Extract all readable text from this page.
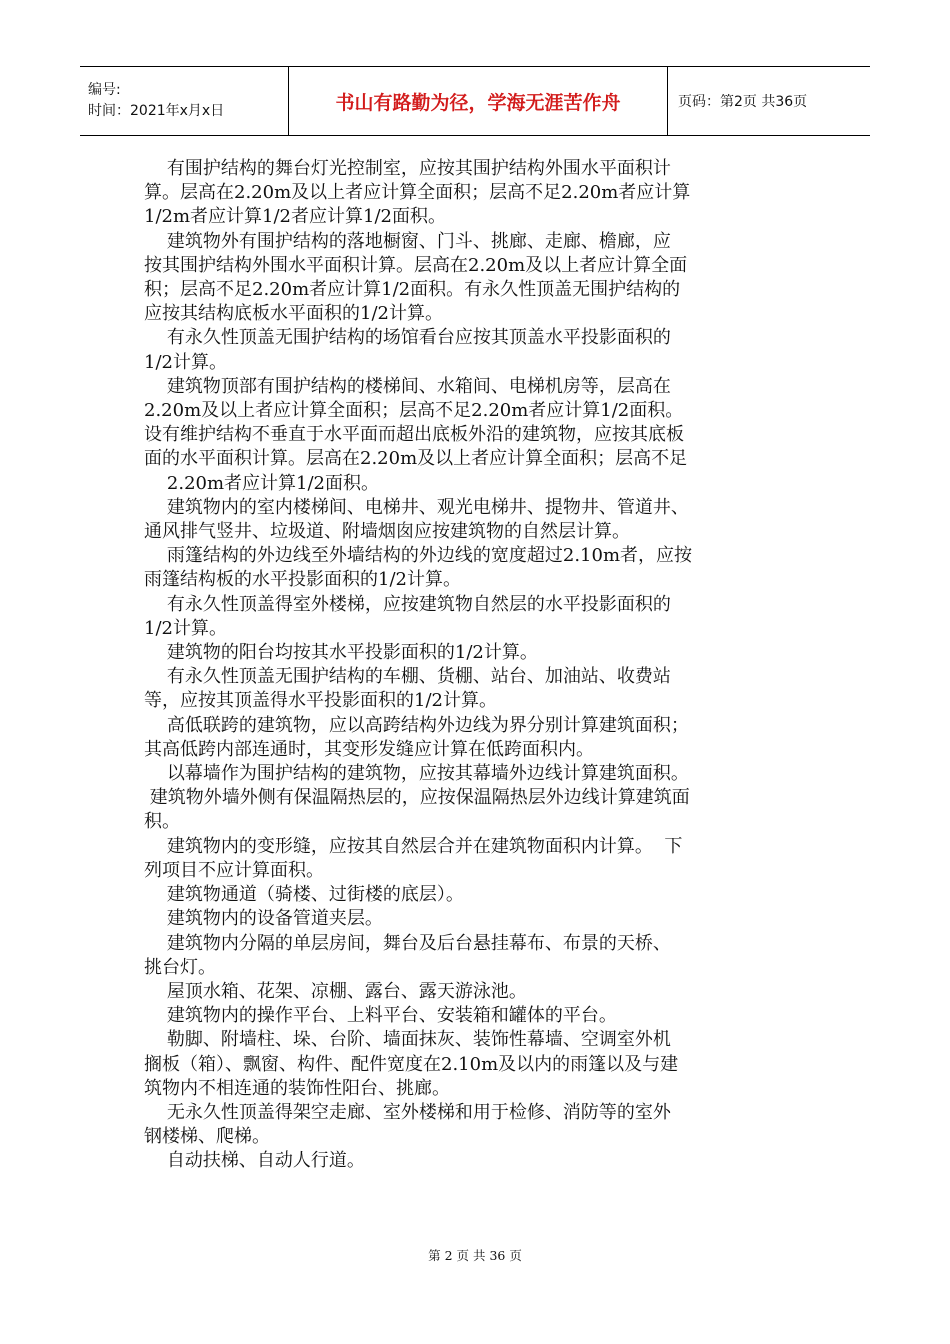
编号:
时间：2021年x月x日	书山有路勤为径，学海无涯苦作舟	页码：第2页 共36页

有围护结构的舞台灯光控制室，应按其围护结构外围水平面积计
算。层高在2.20m及以上者应计算全面积；层高不足2.20m者应计算
1/2m者应计算1/2者应计算1/2面积。

建筑物外有围护结构的落地橱窗、门斗、挑廊、走廊、檐廊，应
按其围护结构外围水平面积计算。层高在2.20m及以上者应计算全面
积；层高不足2.20m者应计算1/2面积。有永久性顶盖无围护结构的
应按其结构底板水平面积的1/2计算。

有永久性顶盖无围护结构的场馆看台应按其顶盖水平投影面积的
1/2计算。

建筑物顶部有围护结构的楼梯间、水箱间、电梯机房等，层高在
2.20m及以上者应计算全面积；层高不足2.20m者应计算1/2面积。
设有维护结构不垂直于水平面而超出底板外沿的建筑物，应按其底板
面的水平面积计算。层高在2.20m及以上者应计算全面积；层高不足
2.20m者应计算1/2面积。

建筑物内的室内楼梯间、电梯井、观光电梯井、提物井、管道井、
通风排气竖井、垃圾道、附墙烟囱应按建筑物的自然层计算。

雨篷结构的外边线至外墙结构的外边线的宽度超过2.10m者，应按
雨篷结构板的水平投影面积的1/2计算。

有永久性顶盖得室外楼梯，应按建筑物自然层的水平投影面积的
1/2计算。

建筑物的阳台均按其水平投影面积的1/2计算。

有永久性顶盖无围护结构的车棚、货棚、站台、加油站、收费站
等，应按其顶盖得水平投影面积的1/2计算。

高低联跨的建筑物，应以高跨结构外边线为界分别计算建筑面积；
其高低跨内部连通时，其变形发缝应计算在低跨面积内。

以幕墙作为围护结构的建筑物，应按其幕墙外边线计算建筑面积。
建筑物外墙外侧有保温隔热层的，应按保温隔热层外边线计算建筑面
积。

建筑物内的变形缝，应按其自然层合并在建筑物面积内计算。  下
列项目不应计算面积。

建筑物通道（骑楼、过街楼的底层）。

建筑物内的设备管道夹层。

建筑物内分隔的单层房间，舞台及后台悬挂幕布、布景的天桥、
挑台灯。

屋顶水箱、花架、凉棚、露台、露天游泳池。

建筑物内的操作平台、上料平台、安装箱和罐体的平台。

勒脚、附墙柱、垛、台阶、墙面抹灰、装饰性幕墙、空调室外机
搁板（箱）、飘窗、构件、配件宽度在2.10m及以内的雨篷以及与建
筑物内不相连通的装饰性阳台、挑廊。

无永久性顶盖得架空走廊、室外楼梯和用于检修、消防等的室外
钢楼梯、爬梯。

自动扶梯、自动人行道。

第 2 页 共 36 页
